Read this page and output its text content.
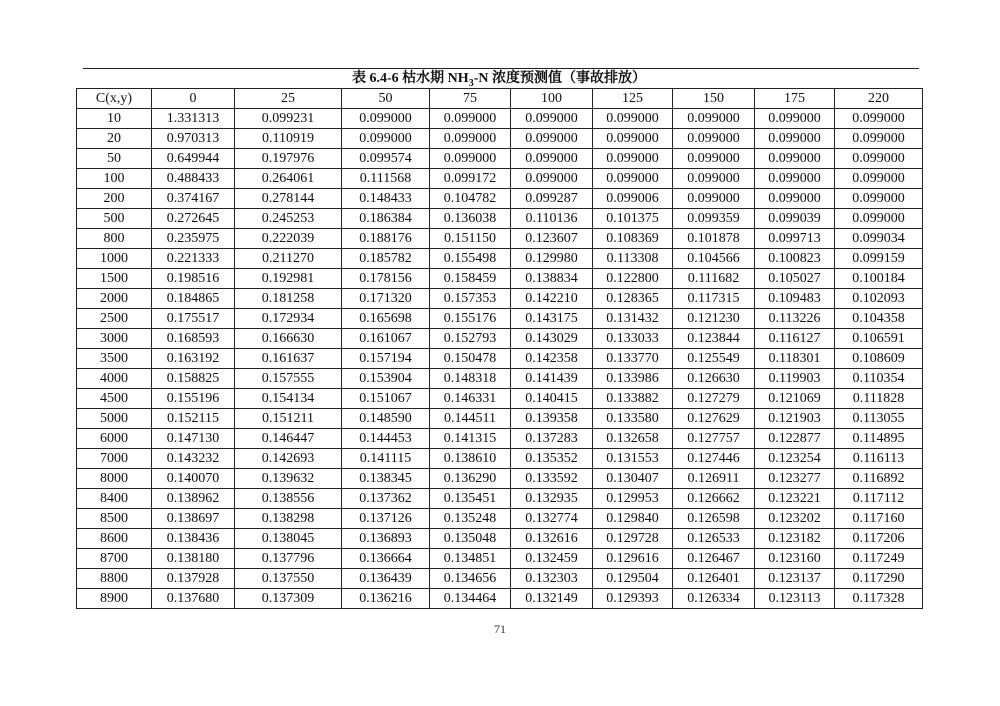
表 6.4-6 枯水期 $NH_3-N$ 浓度预测值（事故排放）
C(x,y)	0	25	50	75	100	125	150	175	220
10	1.331313	0.099231	0.099000	0.099000	0.099000	0.099000	0.099000	0.099000	0.099000
20	0.970313	0.110919	0.099000	0.099000	0.099000	0.099000	0.099000	0.099000	0.099000
50	0.649944	0.197976	0.099574	0.099000	0.099000	0.099000	0.099000	0.099000	0.099000
100	0.488433	0.264061	0.111568	0.099172	0.099000	0.099000	0.099000	0.099000	0.099000
200	0.374167	0.278144	0.148433	0.104782	0.099287	0.099006	0.099000	0.099000	0.099000
500	0.272645	0.245253	0.186384	0.136038	0.110136	0.101375	0.099359	0.099039	0.099000
800	0.235975	0.222039	0.188176	0.151150	0.123607	0.108369	0.101878	0.099713	0.099034
1000	0.221333	0.211270	0.185782	0.155498	0.129980	0.113308	0.104566	0.100823	0.099159
1500	0.198516	0.192981	0.178156	0.158459	0.138834	0.122800	0.111682	0.105027	0.100184
2000	0.184865	0.181258	0.171320	0.157353	0.142210	0.128365	0.117315	0.109483	0.102093
2500	0.175517	0.172934	0.165698	0.155176	0.143175	0.131432	0.121230	0.113226	0.104358
3000	0.168593	0.166630	0.161067	0.152793	0.143029	0.133033	0.123844	0.116127	0.106591
3500	0.163192	0.161637	0.157194	0.150478	0.142358	0.133770	0.125549	0.118301	0.108609
4000	0.158825	0.157555	0.153904	0.148318	0.141439	0.133986	0.126630	0.119903	0.110354
4500	0.155196	0.154134	0.151067	0.146331	0.140415	0.133882	0.127279	0.121069	0.111828
5000	0.152115	0.151211	0.148590	0.144511	0.139358	0.133580	0.127629	0.121903	0.113055
6000	0.147130	0.146447	0.144453	0.141315	0.137283	0.132658	0.127757	0.122877	0.114895
7000	0.143232	0.142693	0.141115	0.138610	0.135352	0.131553	0.127446	0.123254	0.116113
8000	0.140070	0.139632	0.138345	0.136290	0.133592	0.130407	0.126911	0.123277	0.116892
8400	0.138962	0.138556	0.137362	0.135451	0.132935	0.129953	0.126662	0.123221	0.117112
8500	0.138697	0.138298	0.137126	0.135248	0.132774	0.129840	0.126598	0.123202	0.117160
8600	0.138436	0.138045	0.136893	0.135048	0.132616	0.129728	0.126533	0.123182	0.117206
8700	0.138180	0.137796	0.136664	0.134851	0.132459	0.129616	0.126467	0.123160	0.117249
8800	0.137928	0.137550	0.136439	0.134656	0.132303	0.129504	0.126401	0.123137	0.117290
8900	0.137680	0.137309	0.136216	0.134464	0.132149	0.129393	0.126334	0.123113	0.117328
71
